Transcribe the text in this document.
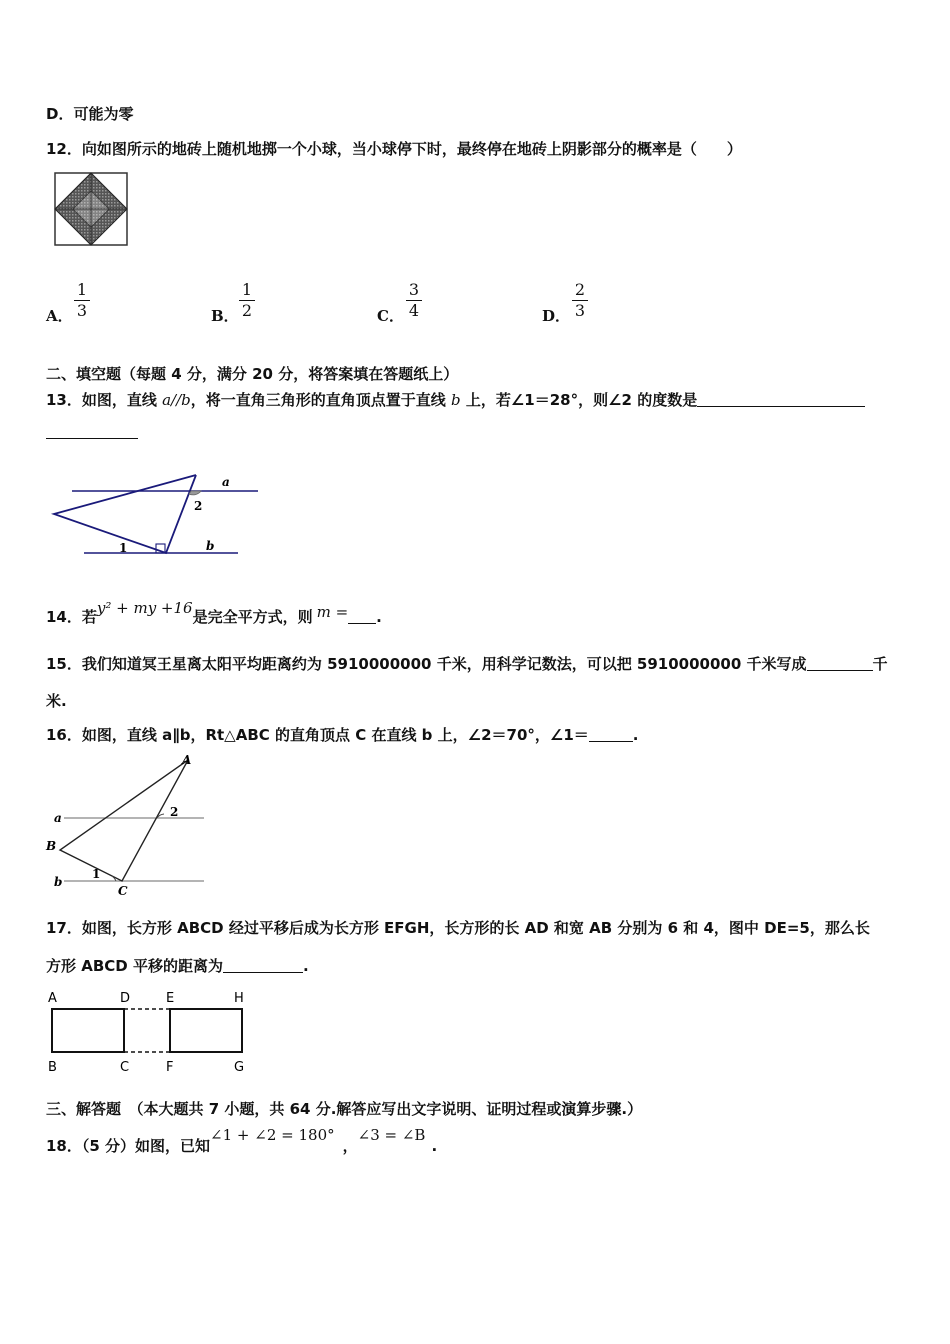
D．可能为零
12．向如图所示的地砖上随机地掷一个小球，当小球停下时，最终停在地砖上阴影部分的概率是（　　）
A．
1
3	B．
1
2	C．
3
4	D．
2
3
二、填空题（每题 4 分，满分 20 分，将答案填在答题纸上）
13．如图，直线 a//b，将一直角三角形的直角顶点置于直线 b 上，若∠1＝28°，则∠2 的度数是
a
b
2
1
14．若y² + my +16是完全平方式，则 m = .
15．我们知道冥王星离太阳平均距离约为 5910000000 千米，用科学记数法，可以把 5910000000 千米写成	千
米.
16．如图，直线 a∥b，Rt△ABC 的直角顶点 C 在直线 b 上，∠2＝70°，∠1＝	.
A
B
C
a
b
1
2
17．如图，长方形 ABCD 经过平移后成为长方形 EFGH，长方形的长 AD 和宽 AB 分别为 6 和 4，图中 DE=5，那么长
方形 ABCD 平移的距离为	.
A	D	E	H
B	C	F	G
三、解答题　（本大题共 7 小题，共 64 分.解答应写出文字说明、证明过程或演算步骤.）
18．（5 分）如图，已知∠1 + ∠2 = 180°，∠3 = ∠B.
